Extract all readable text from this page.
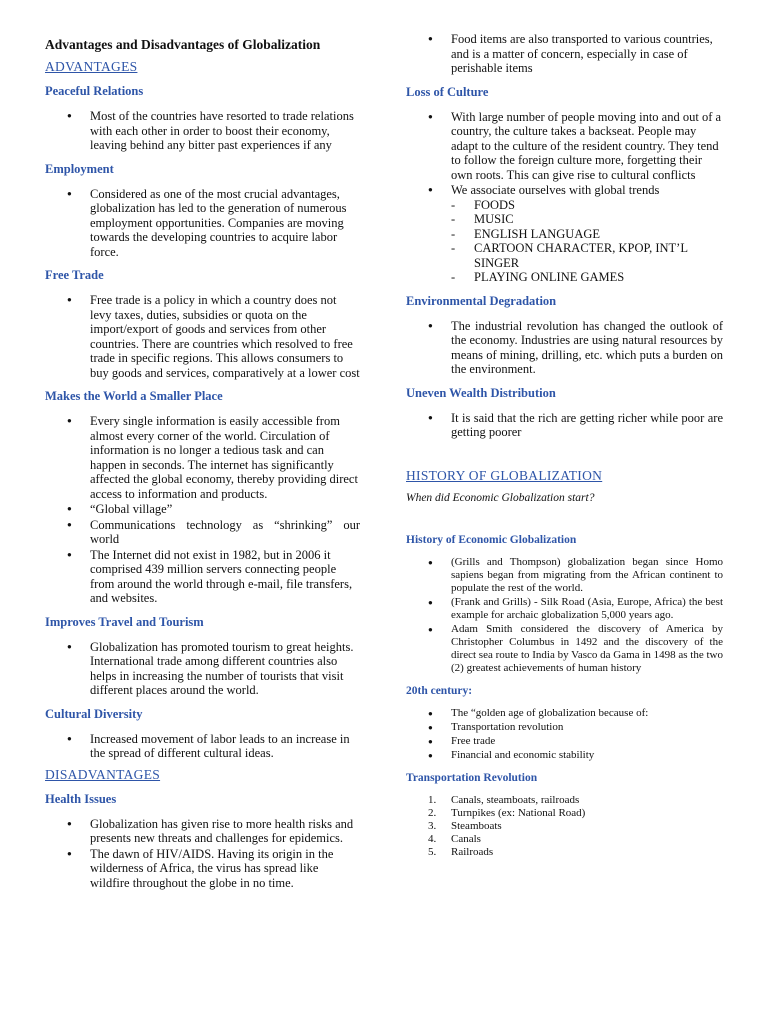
Advantages and Disadvantages of Globalization
ADVANTAGES
Peaceful Relations
● Most of the countries have resorted to trade relations with each other in order to boost their economy, leaving behind any bitter past experiences if any
Employment
● Considered as one of the most crucial advantages, globalization has led to the generation of numerous employment opportunities. Companies are moving towards the developing countries to acquire labor force.
Free Trade
● Free trade is a policy in which a country does not levy taxes, duties, subsidies or quota on the import/export of goods and services from other countries. There are countries which resolved to free trade in specific regions. This allows consumers to buy goods and services, comparatively at a lower cost
Makes the World a Smaller Place
● Every single information is easily accessible from almost every corner of the world. Circulation of information is no longer a tedious task and can happen in seconds. The internet has significantly affected the global economy, thereby providing direct access to information and products.
● “Global village”
● Communications technology as “shrinking” our world
● The Internet did not exist in 1982, but in 2006 it comprised 439 million servers connecting people from around the world through e-mail, file transfers, and websites.
Improves Travel and Tourism
● Globalization has promoted tourism to great heights. International trade among different countries also helps in increasing the number of tourists that visit different places around the world.
Cultural Diversity
● Increased movement of labor leads to an increase in the spread of different cultural ideas.
DISADVANTAGES
Health Issues
● Globalization has given rise to more health risks and presents new threats and challenges for epidemics.
● The dawn of HIV/AIDS. Having its origin in the wilderness of Africa, the virus has spread like wildfire throughout the globe in no time.
● Food items are also transported to various countries, and is a matter of concern, especially in case of perishable items
Loss of Culture
● With large number of people moving into and out of a country, the culture takes a backseat. People may adapt to the culture of the resident country. They tend to follow the foreign culture more, forgetting their own roots. This can give rise to cultural conflicts
● We associate ourselves with global trends
- FOODS
- MUSIC
- ENGLISH LANGUAGE
- CARTOON CHARACTER, KPOP, INT’L SINGER
- PLAYING ONLINE GAMES
Environmental Degradation
● The industrial revolution has changed the outlook of the economy. Industries are using natural resources by means of mining, drilling, etc. which puts a burden on the environment.
Uneven Wealth Distribution
● It is said that the rich are getting richer while poor are getting poorer
HISTORY OF GLOBALIZATION
When did Economic Globalization start?
History of Economic Globalization
● (Grills and Thompson) globalization began since Homo sapiens began from migrating from the African continent to populate the rest of the world.
● (Frank and Grills) - Silk Road (Asia, Europe, Africa) the best example for archaic globalization 5,000 years ago.
● Adam Smith considered the discovery of America by Christopher Columbus in 1492 and the discovery of the direct sea route to India by Vasco da Gama in 1498 as the two (2) greatest achievements of human history
20th century:
● The “golden age of globalization because of:
● Transportation revolution
● Free trade
● Financial and economic stability
Transportation Revolution
1. Canals, steamboats, railroads
2. Turnpikes (ex: National Road)
3. Steamboats
4. Canals
5. Railroads
